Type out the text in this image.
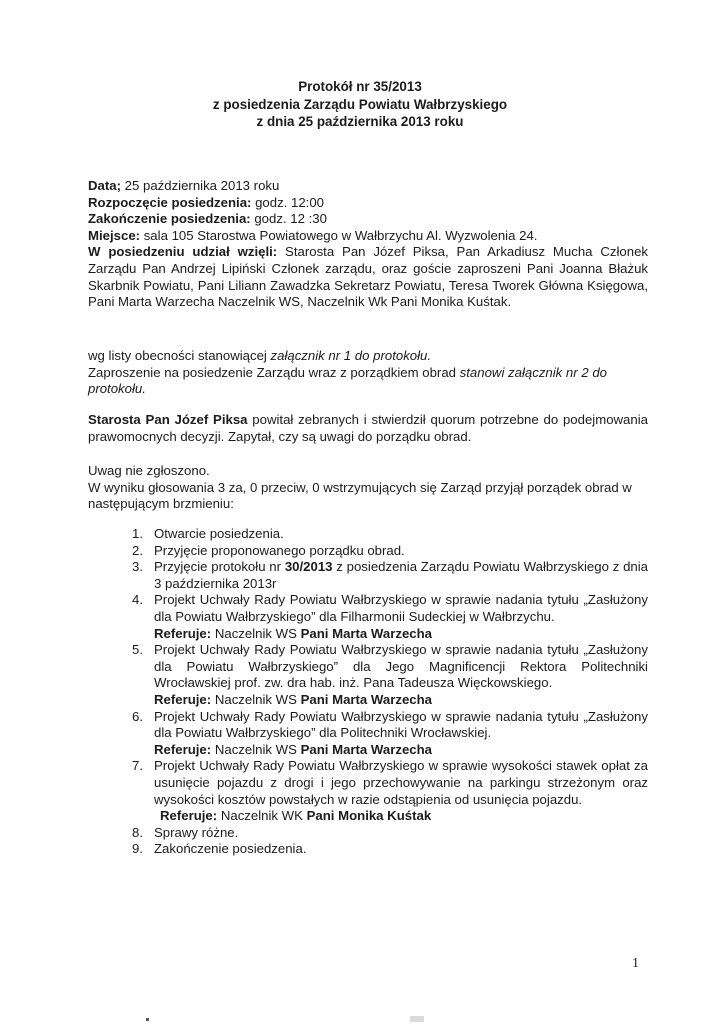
Protokół nr 35/2013
z posiedzenia Zarządu Powiatu Wałbrzyskiego
z dnia 25 października 2013 roku

Data; 25 października 2013 roku

Rozpoczęcie posiedzenia: godz. 12:00

Zakończenie posiedzenia: godz. 12 :30

Miejsce: sala 105 Starostwa Powiatowego w Wałbrzychu Al. Wyzwolenia 24.

W posiedzeniu udział wzięli: Starosta Pan Józef Piksa, Pan Arkadiusz Mucha Członek Zarządu Pan Andrzej Lipiński Członek zarządu, oraz goście zaproszeni Pani Joanna Błażuk Skarbnik Powiatu, Pani Liliann Zawadzka Sekretarz Powiatu, Teresa Tworek Główna Księgowa, Pani Marta Warzecha Naczelnik WS, Naczelnik Wk Pani Monika Kuśtak.

wg listy obecności stanowiącej załącznik nr 1 do protokołu.

Zaproszenie na posiedzenie Zarządu wraz z porządkiem obrad stanowi załącznik nr 2 do protokołu.

Starosta Pan Józef Piksa powitał zebranych i stwierdził quorum potrzebne do podejmowania prawomocnych decyzji. Zapytał, czy są uwagi do porządku obrad.

Uwag nie zgłoszono.

W wyniku głosowania 3 za, 0 przeciw, 0 wstrzymujących się Zarząd przyjął porządek obrad w następującym brzmieniu:

1. Otwarcie posiedzenia.
2. Przyjęcie proponowanego porządku obrad.
3. Przyjęcie protokołu nr 30/2013 z posiedzenia Zarządu Powiatu Wałbrzyskiego z dnia 3 października 2013r
4. Projekt Uchwały Rady Powiatu Wałbrzyskiego w sprawie nadania tytułu „Zasłużony dla Powiatu Wałbrzyskiego” dla Filharmonii Sudeckiej w Wałbrzychu.
Referuje: Naczelnik WS Pani Marta Warzecha
5. Projekt Uchwały Rady Powiatu Wałbrzyskiego w sprawie nadania tytułu „Zasłużony dla Powiatu Wałbrzyskiego” dla Jego Magnificencji Rektora Politechniki Wrocławskiej prof. zw. dra hab. inż. Pana Tadeusza Więckowskiego.
Referuje: Naczelnik WS Pani Marta Warzecha
6. Projekt Uchwały Rady Powiatu Wałbrzyskiego w sprawie nadania tytułu „Zasłużony dla Powiatu Wałbrzyskiego” dla Politechniki Wrocławskiej.
Referuje: Naczelnik WS Pani Marta Warzecha
7. Projekt Uchwały Rady Powiatu Wałbrzyskiego w sprawie wysokości stawek opłat za usunięcie pojazdu z drogi i jego przechowywanie na parkingu strzeżonym oraz wysokości kosztów powstałych w razie odstąpienia od usunięcia pojazdu.
Referuje: Naczelnik WK Pani Monika Kuśtak
8. Sprawy różne.
9. Zakończenie posiedzenia.
1
